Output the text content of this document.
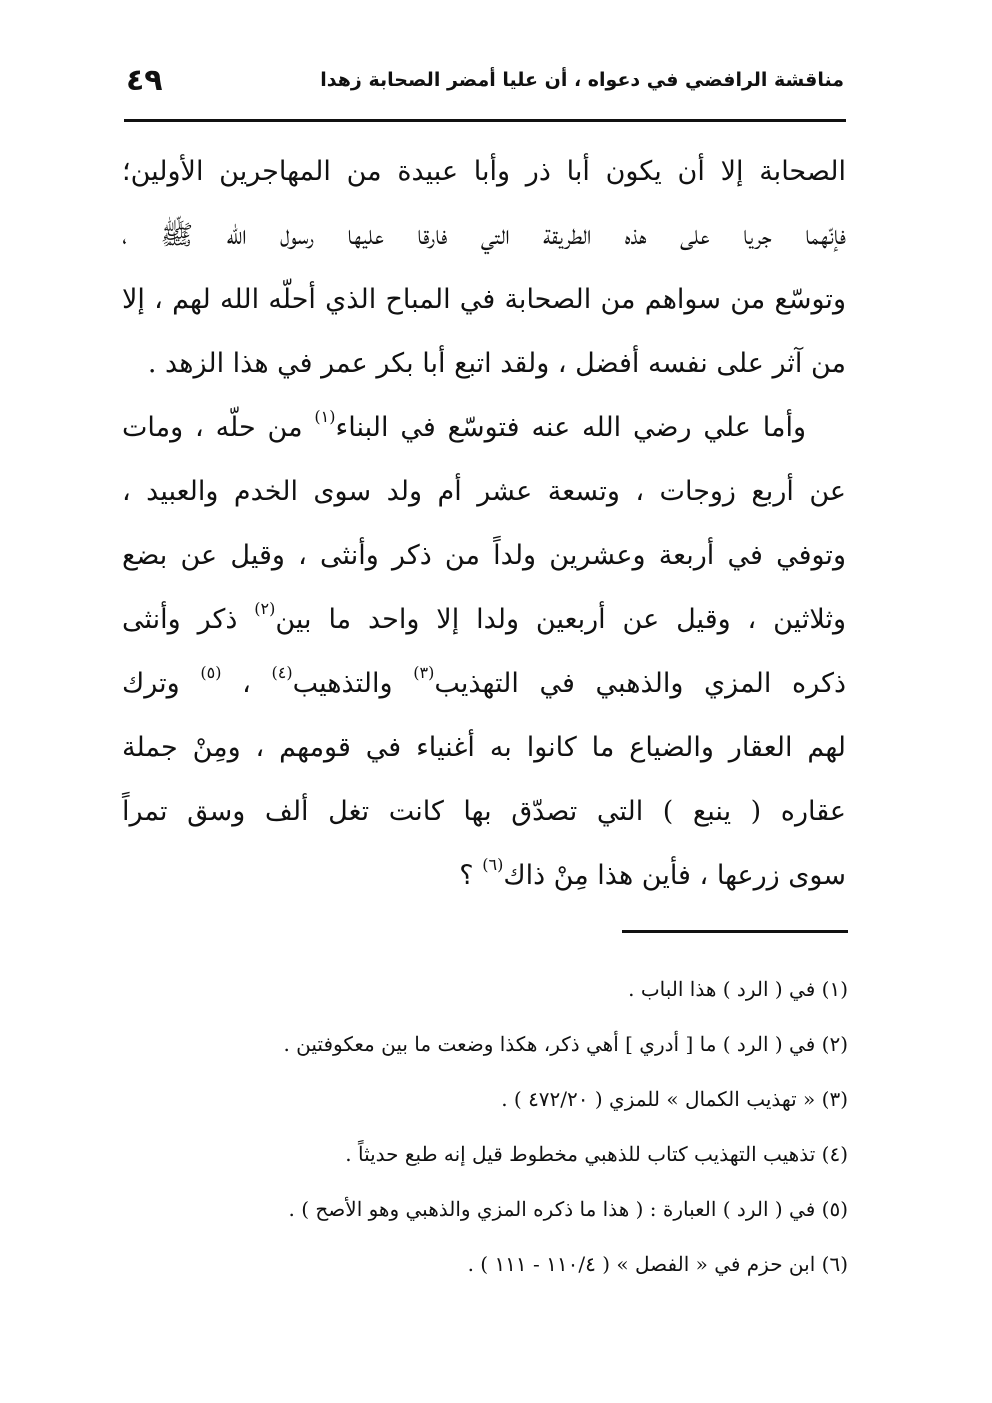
مناقشة الرافضي في دعواه ، أن عليا أمضر الصحابة زهدا
٤٩
الصحابة إلا أن يكون أبا ذر وأبا عبيدة من المهاجرين الأولين؛
فإنّهما جريا على هذه الطريقة التي فارقا عليها رسول الله ﷺ ،
وتوسّع من سواهم من الصحابة في المباح الذي أحلّه الله لهم ، إلا
من آثر على نفسه أفضل ، ولقد اتبع أبا بكر عمر في هذا الزهد .
وأما علي رضي الله عنه فتوسّع في البناء$^{(١)}$ من حلّه ، ومات
عن أربع زوجات ، وتسعة عشر أم ولد سوى الخدم والعبيد ،
وتوفي في أربعة وعشرين ولداً من ذكر وأنثى ، وقيل عن بضع
وثلاثين ، وقيل عن أربعين ولدا إلا واحد ما بين$^{(٢)}$ ذكر وأنثى
ذكره المزي والذهبي في التهذيب$^{(٣)}$ والتذهيب$^{(٤)}$ ، $^{(٥)}$ وترك
لهم العقار والضياع ما كانوا به أغنياء في قومهم ، ومِنْ جملة
عقاره ( ينبع ) التي تصدّق بها كانت تغل ألف وسق تمراً
سوى زرعها ، فأين هذا مِنْ ذاك$^{(٦)}$ ؟
(١) في ( الرد ) هذا الباب .
(٢) في ( الرد ) ما [ أدري ] أهي ذكر، هكذا وضعت ما بين معكوفتين .
(٣) « تهذيب الكمال » للمزي ( ٤٧٢/٢٠ ) .
(٤) تذهيب التهذيب كتاب للذهبي مخطوط قيل إنه طبع حديثاً .
(٥) في ( الرد ) العبارة : ( هذا ما ذكره المزي والذهبي وهو الأصح ) .
(٦) ابن حزم في « الفصل » ( ١١٠/٤ - ١١١ ) .
